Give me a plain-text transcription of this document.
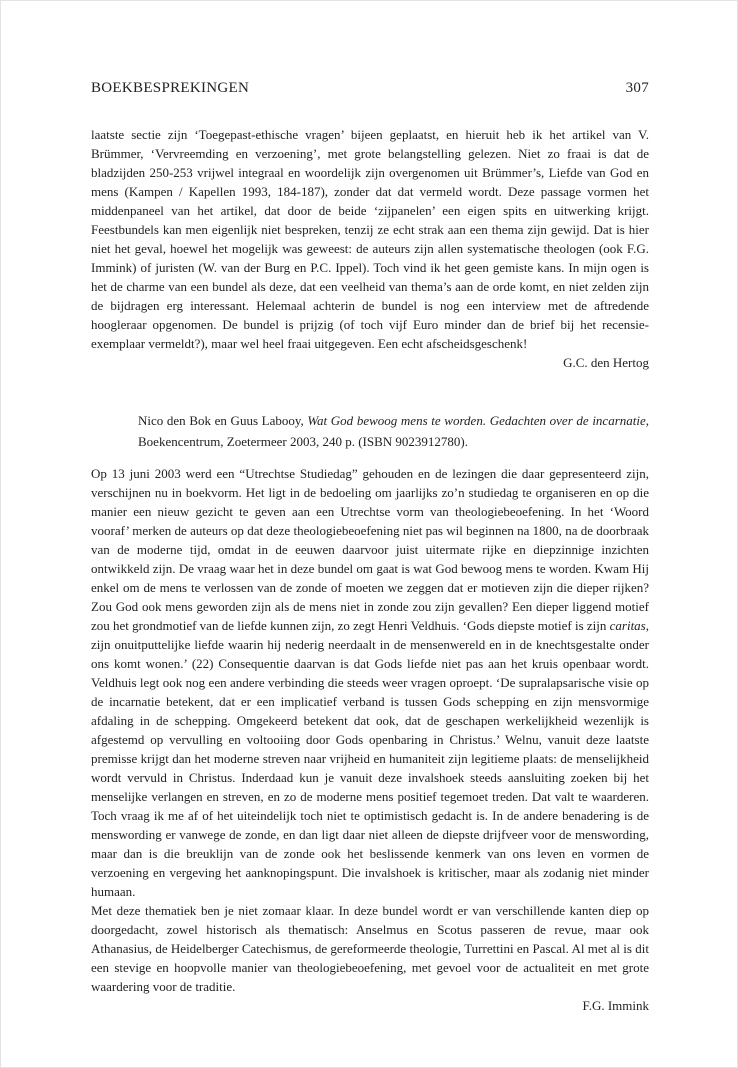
BOEKBESPREKINGEN	307

laatste sectie zijn ‘Toegepast-ethische vragen’ bijeen geplaatst, en hieruit heb ik het artikel van V. Brümmer, ‘Vervreemding en verzoening’, met grote belangstelling gelezen. Niet zo fraai is dat de bladzijden 250-253 vrijwel integraal en woordelijk zijn overgenomen uit Brümmer’s, Liefde van God en mens (Kampen / Kapellen 1993, 184-187), zonder dat dat vermeld wordt. Deze passage vormen het middenpaneel van het artikel, dat door de beide ‘zijpanelen’ een eigen spits en uitwerking krijgt. Feestbundels kan men eigenlijk niet bespreken, tenzij ze echt strak aan een thema zijn gewijd. Dat is hier niet het geval, hoewel het mogelijk was geweest: de auteurs zijn allen systematische theologen (ook F.G. Immink) of juristen (W. van der Burg en P.C. Ippel). Toch vind ik het geen gemiste kans. In mijn ogen is het de charme van een bundel als deze, dat een veelheid van thema’s aan de orde komt, en niet zelden zijn de bijdragen erg interessant. Helemaal achterin de bundel is nog een interview met de aftredende hoogleraar opgenomen. De bundel is prijzig (of toch vijf Euro minder dan de brief bij het recensie-exemplaar vermeldt?), maar wel heel fraai uitgegeven. Een echt afscheidsgeschenk!

G.C. den Hertog

Nico den Bok en Guus Labooy, Wat God bewoog mens te worden. Gedachten over de incarnatie, Boekencentrum, Zoetermeer 2003, 240 p. (ISBN 9023912780).

Op 13 juni 2003 werd een “Utrechtse Studiedag” gehouden en de lezingen die daar gepresenteerd zijn, verschijnen nu in boekvorm. Het ligt in de bedoeling om jaarlijks zo’n studiedag te organiseren en op die manier een nieuw gezicht te geven aan een Utrechtse vorm van theologiebeoefening. In het ‘Woord vooraf’ merken de auteurs op dat deze theologiebeoefening niet pas wil beginnen na 1800, na de doorbraak van de moderne tijd, omdat in de eeuwen daarvoor juist uitermate rijke en diepzinnige inzichten ontwikkeld zijn. De vraag waar het in deze bundel om gaat is wat God bewoog mens te worden. Kwam Hij enkel om de mens te verlossen van de zonde of moeten we zeggen dat er motieven zijn die dieper rijken? Zou God ook mens geworden zijn als de mens niet in zonde zou zijn gevallen? Een dieper liggend motief zou het grondmotief van de liefde kunnen zijn, zo zegt Henri Veldhuis. ‘Gods diepste motief is zijn caritas, zijn onuitputtelijke liefde waarin hij nederig neerdaalt in de mensenwereld en in de knechtsgestalte onder ons komt wonen.’ (22) Consequentie daarvan is dat Gods liefde niet pas aan het kruis openbaar wordt. Veldhuis legt ook nog een andere verbinding die steeds weer vragen oproept. ‘De supralapsarische visie op de incarnatie betekent, dat er een implicatief verband is tussen Gods schepping en zijn mensvormige afdaling in de schepping. Omgekeerd betekent dat ook, dat de geschapen werkelijkheid wezenlijk is afgestemd op vervulling en voltooiing door Gods openbaring in Christus.’ Welnu, vanuit deze laatste premisse krijgt dan het moderne streven naar vrijheid en humaniteit zijn legitieme plaats: de menselijkheid wordt vervuld in Christus. Inderdaad kun je vanuit deze invalshoek steeds aansluiting zoeken bij het menselijke verlangen en streven, en zo de moderne mens positief tegemoet treden. Dat valt te waarderen. Toch vraag ik me af of het uiteindelijk toch niet te optimistisch gedacht is. In de andere benadering is de menswording er vanwege de zonde, en dan ligt daar niet alleen de diepste drijfveer voor de menswording, maar dan is die breuklijn van de zonde ook het beslissende kenmerk van ons leven en vormen de verzoening en vergeving het aanknopingspunt. Die invalshoek is kritischer, maar als zodanig niet minder humaan.

Met deze thematiek ben je niet zomaar klaar. In deze bundel wordt er van verschillende kanten diep op doorgedacht, zowel historisch als thematisch: Anselmus en Scotus passeren de revue, maar ook Athanasius, de Heidelberger Catechismus, de gereformeerde theologie, Turrettini en Pascal. Al met al is dit een stevige en hoopvolle manier van theologiebeoefening, met gevoel voor de actualiteit en met grote waardering voor de traditie.

F.G. Immink
